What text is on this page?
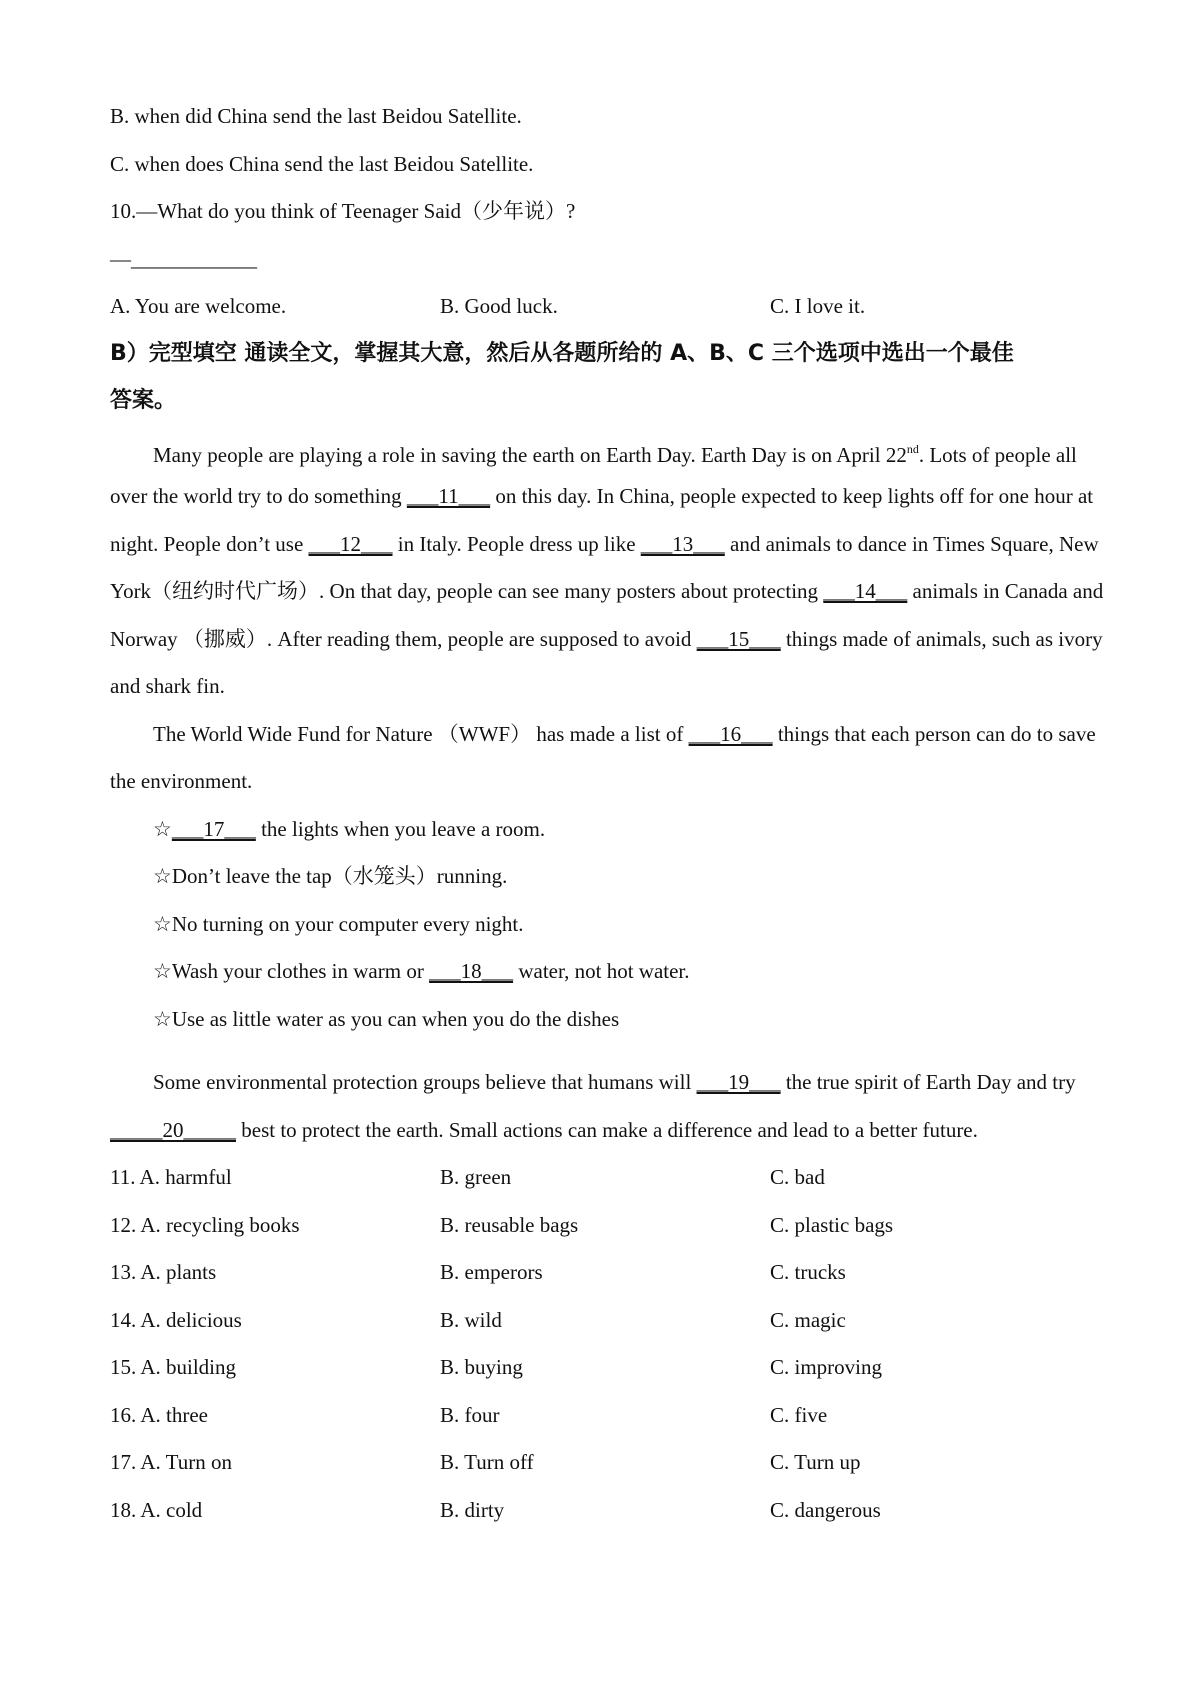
B. when did China send the last Beidou Satellite.
C. when does China send the last Beidou Satellite.
10.—What do you think of Teenager Said（少年说）?
—____________
A. You are welcome.	B. Good luck.	C. I love it.
B）完型填空 通读全文，掌握其大意，然后从各题所给的 A、B、C 三个选项中选出一个最佳
答案。
Many people are playing a role in saving the earth on Earth Day. Earth Day is on April 22nd. Lots of people all
over the world try to do something ___11___ on this day. In China, people expected to keep lights off for one hour at
night. People don’t use ___12___ in Italy. People dress up like ___13___ and animals to dance in Times Square, New
York（纽约时代广场）. On that day, people can see many posters about protecting ___14___ animals in Canada and
Norway （挪威）. After reading them, people are supposed to avoid ___15___ things made of animals, such as ivory
and shark fin.
The World Wide Fund for Nature （WWF） has made a list of ___16___ things that each person can do to save
the environment.
☆___17___ the lights when you leave a room.
☆Don’t leave the tap（水笼头）running.
☆No turning on your computer every night.
☆Wash your clothes in warm or ___18___ water, not hot water.
☆Use as little water as you can when you do the dishes
Some environmental protection groups believe that humans will ___19___ the true spirit of Earth Day and try
_____20_____ best to protect the earth. Small actions can make a difference and lead to a better future.
11. A. harmful	B. green	C. bad
12. A. recycling books	B. reusable bags	C. plastic bags
13. A. plants	B. emperors	C. trucks
14. A. delicious	B. wild	C. magic
15. A. building	B. buying	C. improving
16. A. three	B. four	C. five
17. A. Turn on	B. Turn off	C. Turn up
18. A. cold	B. dirty	C. dangerous
